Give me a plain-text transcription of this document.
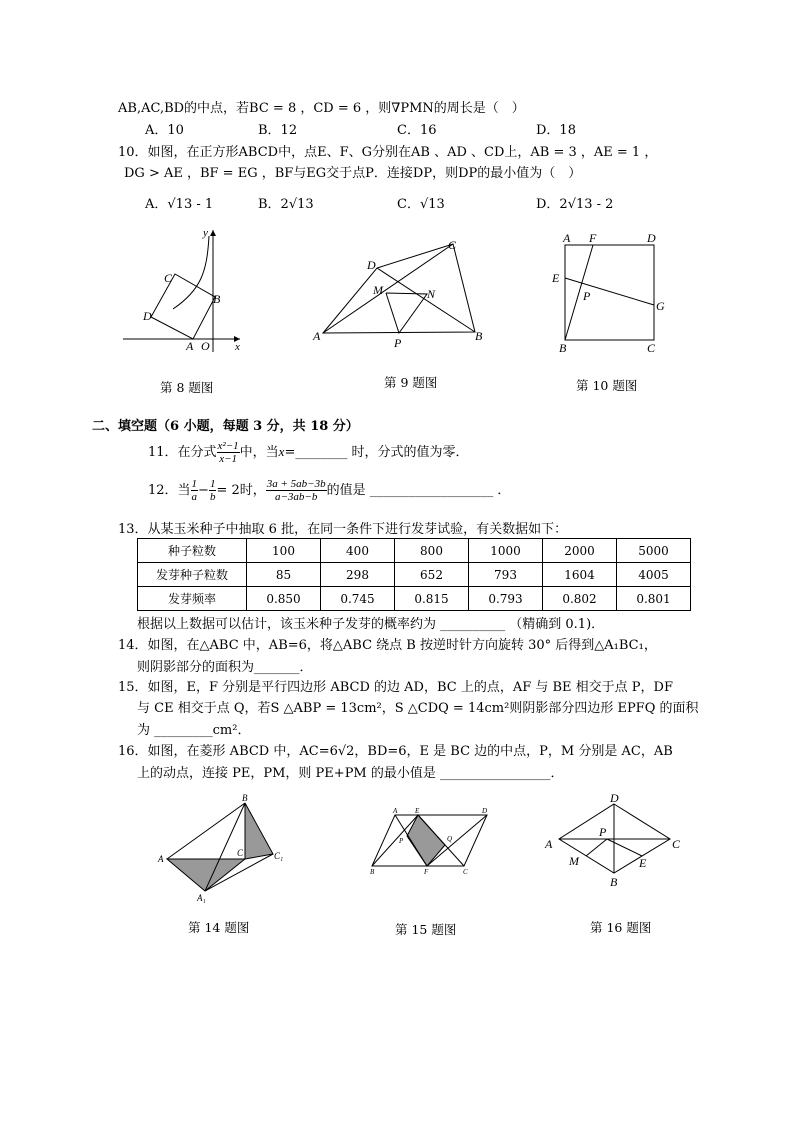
AB,AC,BD的中点，若BC = 8 ，CD = 6 ，则∇PMN的周长是（　）
A．10	B．12	C．16	D．18
10．如图，在正方形ABCD中，点E、F、G分别在AB 、AD 、CD上，AB = 3 ，AE = 1 ，
DG > AE ，BF = EG ，BF与EG交于点P．连接DP，则DP的最小值为（　）
A．√13 - 1	B．2√13	C．√13	D．2√13 - 2
y
x
C
D
B
A O
第 8 题图
D
C
M	N
A	P	B
第 9 题图
A F	D
E
P
G
B	C
第 10 题图
二、填空题（6 小题，每题 3 分，共 18 分）
11．在分式 $\frac{\text{x²−1}}{x-1}$ 中，当x=________ 时，分式的值为零．
12．当 $\frac{1}{a} - \frac{1}{b} = 2$时， $\frac{3a + 5ab-3b}{a-3ab-b}$ 的值是 ___________________ ．
13．从某玉米种子中抽取 6 批，在同一条件下进行发芽试验，有关数据如下：
种子粒数	100	400	800	1000	2000	5000
发芽种子粒数	85	298	652	793	1604	4005
发芽频率	0.850	0.745	0.815	0.793	0.802	0.801
根据以上数据可以估计，该玉米种子发芽的概率约为 __________ （精确到 0.1)．
14．如图，在△ABC 中，AB=6，将△ABC 绕点 B 按逆时针方向旋转 30° 后得到△A₁BC₁，
则阴影部分的面积为_______．
15．如图，E，F 分别是平行四边形 ABCD 的边 AD，BC 上的点，AF 与 BE 相交于点 P，DF
与 CE 相交于点 Q，若S △ABP = 13cm²，S △CDQ = 14cm²则阴影部分四边形 EPFQ 的面积
为 _________cm²．
16．如图，在菱形 ABCD 中，AC=6√2，BD=6，E 是 BC 边的中点，P，M 分别是 AC，AB
上的动点，连接 PE，PM，则 PE+PM 的最小值是 _________________．
B
A
C	C₁
A₁
第 14 题图
A	E	D
P	Q
B	F	C
第 15 题图
D
A
P
C
M	E
B
第 16 题图
